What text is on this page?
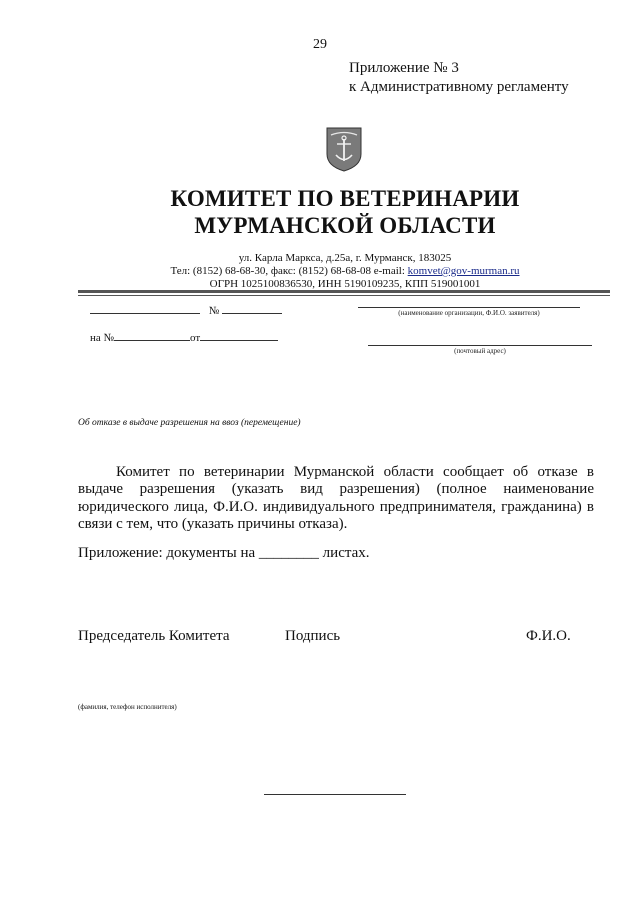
29
Приложение № 3
к Административному регламенту
КОМИТЕТ ПО ВЕТЕРИНАРИИ
МУРМАНСКОЙ ОБЛАСТИ
ул. Карла Маркса, д.25а, г. Мурманск, 183025
Тел: (8152) 68-68-30, факс: (8152) 68-68-08 e-mail: komvet@gov-murman.ru
ОГРН 1025100836530, ИНН 5190109235, КПП 519001001
№
на №	от
(наименование организации, Ф.И.О. заявителя)
(почтовый адрес)
Об отказе в выдаче разрешения на ввоз (перемещение)
Комитет по ветеринарии Мурманской области сообщает об отказе в выдаче разрешения (указать вид разрешения) (полное наименование юридического лица, Ф.И.О. индивидуального предпринимателя, гражданина) в связи с тем, что (указать причины отказа).
Приложение: документы на ________ листах.
Председатель Комитета	Подпись	Ф.И.О.
(фамилия, телефон исполнителя)
